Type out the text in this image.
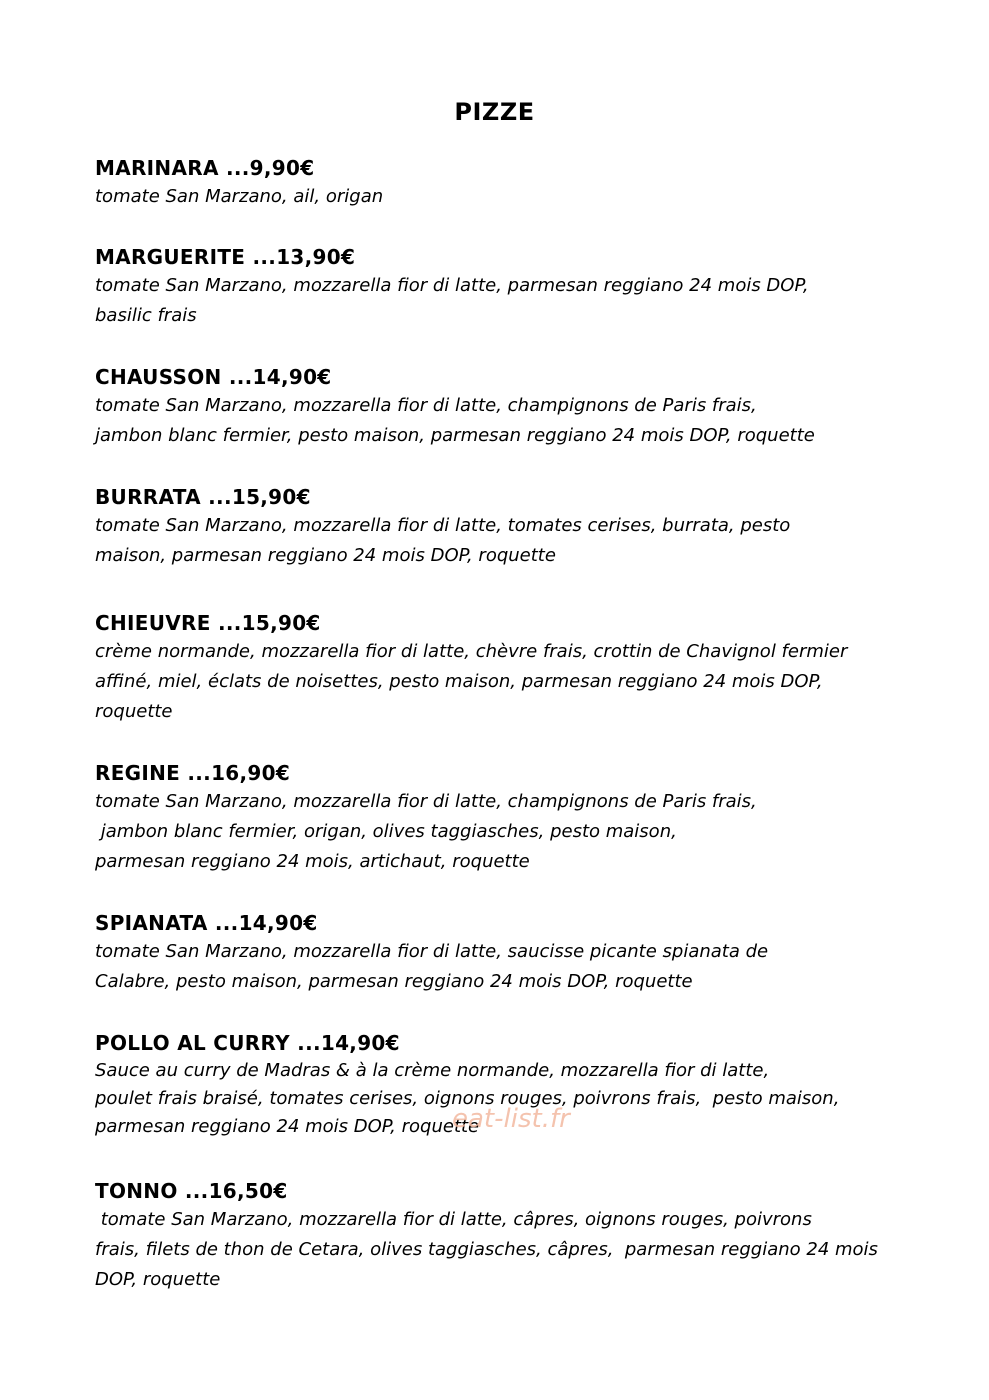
PIZZE
MARINARA ...9,90€
tomate San Marzano, ail, origan
MARGUERITE ...13,90€
tomate San Marzano, mozzarella fior di latte, parmesan reggiano 24 mois DOP,
basilic frais
CHAUSSON ...14,90€
tomate San Marzano, mozzarella fior di latte, champignons de Paris frais,
jambon blanc fermier, pesto maison, parmesan reggiano 24 mois DOP, roquette
BURRATA ...15,90€
tomate San Marzano, mozzarella fior di latte, tomates cerises, burrata, pesto
maison, parmesan reggiano 24 mois DOP, roquette
CHIEUVRE ...15,90€
crème normande, mozzarella fior di latte, chèvre frais, crottin de Chavignol fermier
affiné, miel, éclats de noisettes, pesto maison, parmesan reggiano 24 mois DOP,
roquette
REGINE ...16,90€
tomate San Marzano, mozzarella fior di latte, champignons de Paris frais,
jambon blanc fermier, origan, olives taggiasches, pesto maison,
parmesan reggiano 24 mois, artichaut, roquette
SPIANATA ...14,90€
tomate San Marzano, mozzarella fior di latte, saucisse picante spianata de
Calabre, pesto maison, parmesan reggiano 24 mois DOP, roquette
POLLO AL CURRY ...14,90€
Sauce au curry de Madras & à la crème normande, mozzarella fior di latte,
poulet frais braisé, tomates cerises, oignons rouges, poivrons frais,  pesto maison,
parmesan reggiano 24 mois DOP, roquette
TONNO ...16,50€
tomate San Marzano, mozzarella fior di latte, câpres, oignons rouges, poivrons
frais, filets de thon de Cetara, olives taggiasches, câpres,  parmesan reggiano 24 mois
DOP, roquette
eat-list.fr
